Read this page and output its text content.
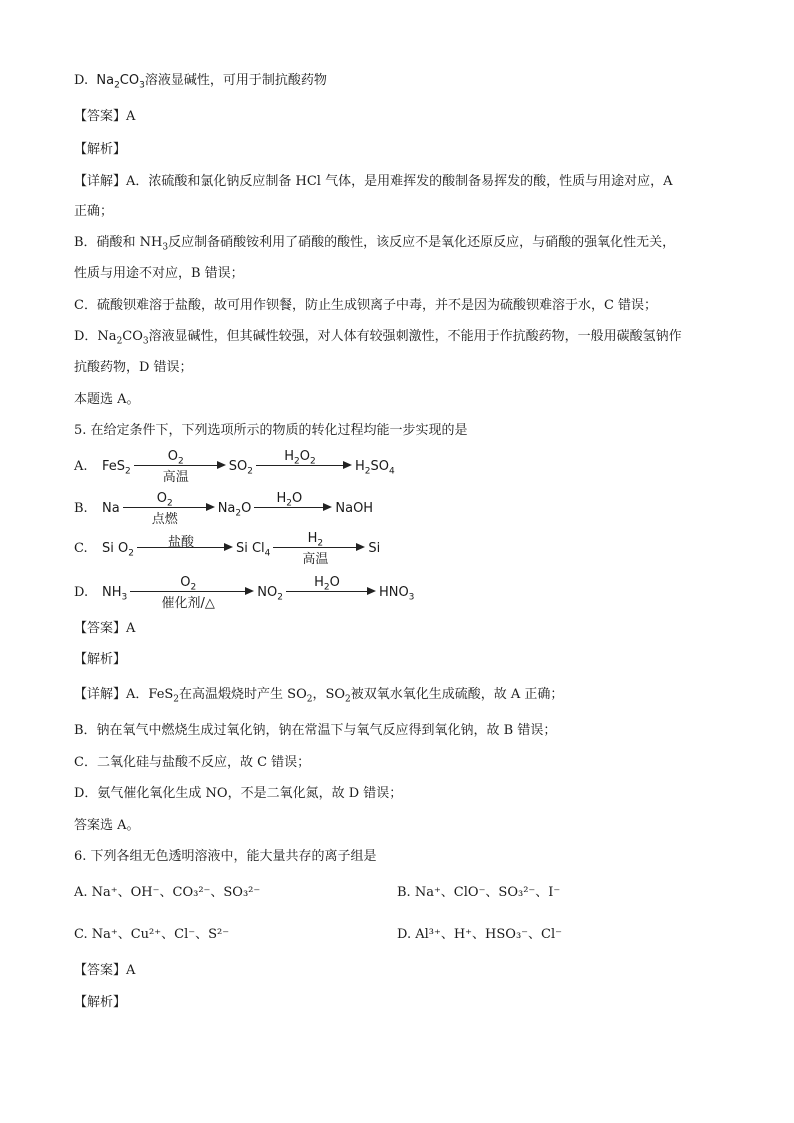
D. $Na_2CO_3$溶液显碱性，可用于制抗酸药物
【答案】A
【解析】
【详解】A．浓硫酸和氯化钠反应制备 HCl 气体，是用难挥发的酸制备易挥发的酸，性质与用途对应，A
正确；
B．硝酸和 $NH_3$反应制备硝酸铵利用了硝酸的酸性，该反应不是氧化还原反应，与硝酸的强氧化性无关，
性质与用途不对应，B 错误；
C．硫酸钡难溶于盐酸，故可用作钡餐，防止生成钡离子中毒，并不是因为硫酸钡难溶于水，C 错误；
D．$Na_2CO_3$溶液显碱性，但其碱性较强，对人体有较强刺激性，不能用于作抗酸药物，一般用碳酸氢钠作
抗酸药物，D 错误；
本题选 A。
5. 在给定条件下，下列选项所示的物质的转化过程均能一步实现的是
A.	FeS$_2$
$O_2$
高温
$SO_2$
$H_2O_2$	$H_2SO_4$
B.	Na
$O_2$
点燃
$Na_2O$
$H_2O$
NaOH
C.	Si $O_2$
盐酸	Si $Cl_4$
$H_2$
高温
Si
D.	$NH_3$
$O_2$
催化剂/△
$NO_2$
$H_2O$
$HNO_3$
【答案】A
【解析】
【详解】A．FeS$_2$在高温煅烧时产生 $SO_2$，$SO_2$被双氧水氧化生成硫酸，故 A 正确；
B．钠在氧气中燃烧生成过氧化钠，钠在常温下与氧气反应得到氧化钠，故 B 错误；
C．二氧化硅与盐酸不反应，故 C 错误；
D．氨气催化氧化生成 NO，不是二氧化氮，故 D 错误；
答案选 A。
6. 下列各组无色透明溶液中，能大量共存的离子组是
A. Na⁺、OH⁻、CO₃²⁻、SO₃²⁻	B. Na⁺、ClO⁻、SO₃²⁻、I⁻
C. Na⁺、Cu²⁺、Cl⁻、S²⁻	D. Al³⁺、H⁺、HSO₃⁻、Cl⁻
【答案】A
【解析】
